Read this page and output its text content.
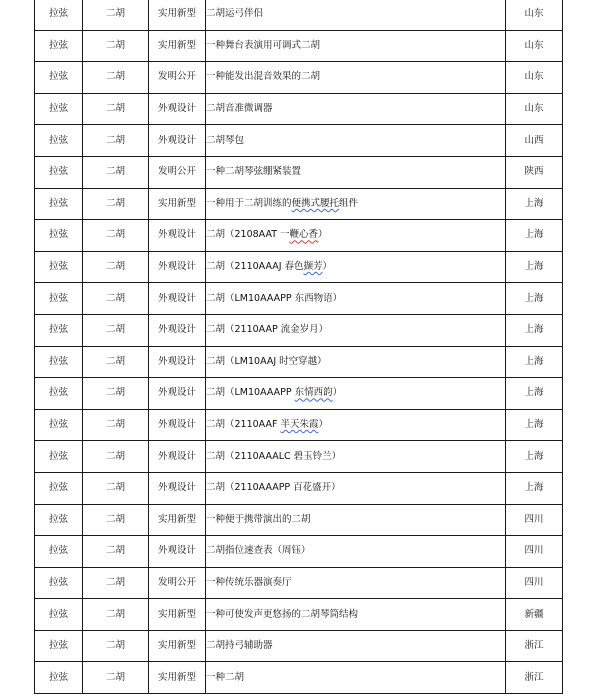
拉弦	二胡	实用新型	二胡运弓伴侣	山东
拉弦	二胡	实用新型	一种舞台表演用可调式二胡	山东
拉弦	二胡	发明公开	一种能发出混音效果的二胡	山东
拉弦	二胡	外观设计	二胡音准微调器	山东
拉弦	二胡	外观设计	二胡琴包	山西
拉弦	二胡	发明公开	一种二胡琴弦绷紧装置	陕西
拉弦	二胡	实用新型	一种用于二胡训练的便携式腰托组件	上海
拉弦	二胡	外观设计	二胡（2108AAT 一鞭心香）	上海
拉弦	二胡	外观设计	二胡（2110AAAJ 春色撷芳）	上海
拉弦	二胡	外观设计	二胡（LM10AAAPP 东西物语）	上海
拉弦	二胡	外观设计	二胡（2110AAP 流金岁月）	上海
拉弦	二胡	外观设计	二胡（LM10AAJ 时空穿越）	上海
拉弦	二胡	外观设计	二胡（LM10AAAPP 东情西韵）	上海
拉弦	二胡	外观设计	二胡（2110AAF 半天朱霞）	上海
拉弦	二胡	外观设计	二胡（2110AAALC 碧玉铃兰）	上海
拉弦	二胡	外观设计	二胡（2110AAAPP 百花盛开）	上海
拉弦	二胡	实用新型	一种便于携带演出的二胡	四川
拉弦	二胡	外观设计	二胡指位速查表（周钰）	四川
拉弦	二胡	发明公开	一种传统乐器演奏厅	四川
拉弦	二胡	实用新型	一种可使发声更悠扬的二胡琴筒结构	新疆
拉弦	二胡	实用新型	二胡持弓辅助器	浙江
拉弦	二胡	实用新型	一种二胡	浙江
